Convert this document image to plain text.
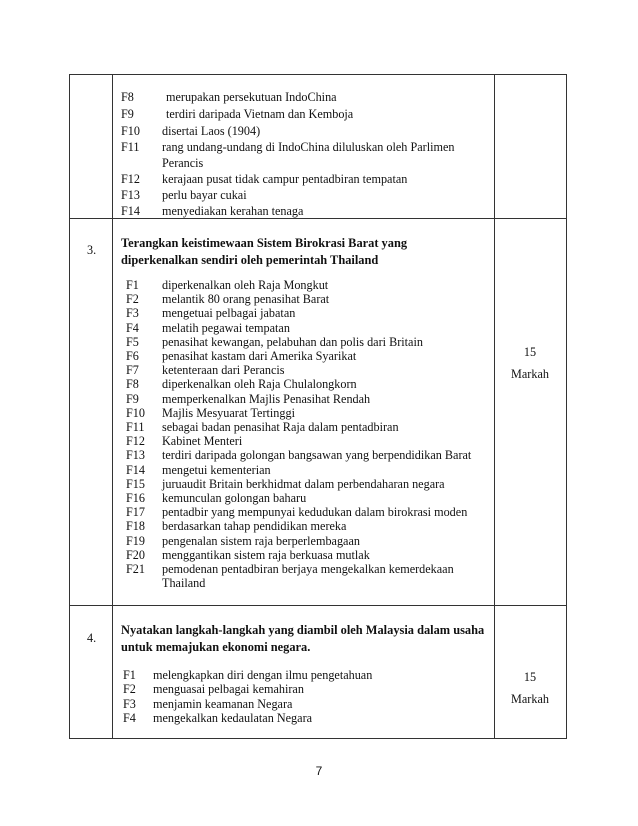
F8	merupakan persekutuan IndoChina
F9	terdiri daripada Vietnam dan Kemboja
F10 disertai Laos (1904)
F11 rang undang-undang di IndoChina diluluskan oleh Parlimen
Perancis
F12 kerajaan pusat tidak campur pentadbiran tempatan
F13 perlu bayar cukai
F14 menyediakan kerahan tenaga
3. Terangkan keistimewaan Sistem Birokrasi Barat yang
diperkenalkan sendiri oleh pemerintah Thailand
15
Markah
F1 diperkenalkan oleh Raja Mongkut
F2 melantik 80 orang penasihat Barat
F3 mengetuai pelbagai jabatan
F4 melatih pegawai tempatan
F5 penasihat kewangan, pelabuhan dan polis dari Britain
F6 penasihat kastam dari Amerika Syarikat
F7 ketenteraan dari Perancis
F8 diperkenalkan oleh Raja Chulalongkorn
F9 memperkenalkan Majlis Penasihat Rendah
F10 Majlis Mesyuarat Tertinggi
F11 sebagai badan penasihat Raja dalam pentadbiran
F12 Kabinet Menteri
F13 terdiri daripada golongan bangsawan yang berpendidikan Barat
F14 mengetui kementerian
F15 juruaudit Britain berkhidmat dalam perbendaharan negara
F16 kemunculan golongan baharu
F17 pentadbir yang mempunyai kedudukan dalam birokrasi moden
F18 berdasarkan tahap pendidikan mereka
F19 pengenalan sistem raja berperlembagaan
F20 menggantikan sistem raja berkuasa mutlak
F21 pemodenan pentadbiran berjaya mengekalkan kemerdekaan
Thailand
4.
Nyatakan langkah-langkah yang diambil oleh Malaysia dalam usaha
untuk memajukan ekonomi negara.
15
Markah
F1 melengkapkan diri dengan ilmu pengetahuan
F2 menguasai pelbagai kemahiran
F3 menjamin keamanan Negara
F4 mengekalkan kedaulatan Negara
7
